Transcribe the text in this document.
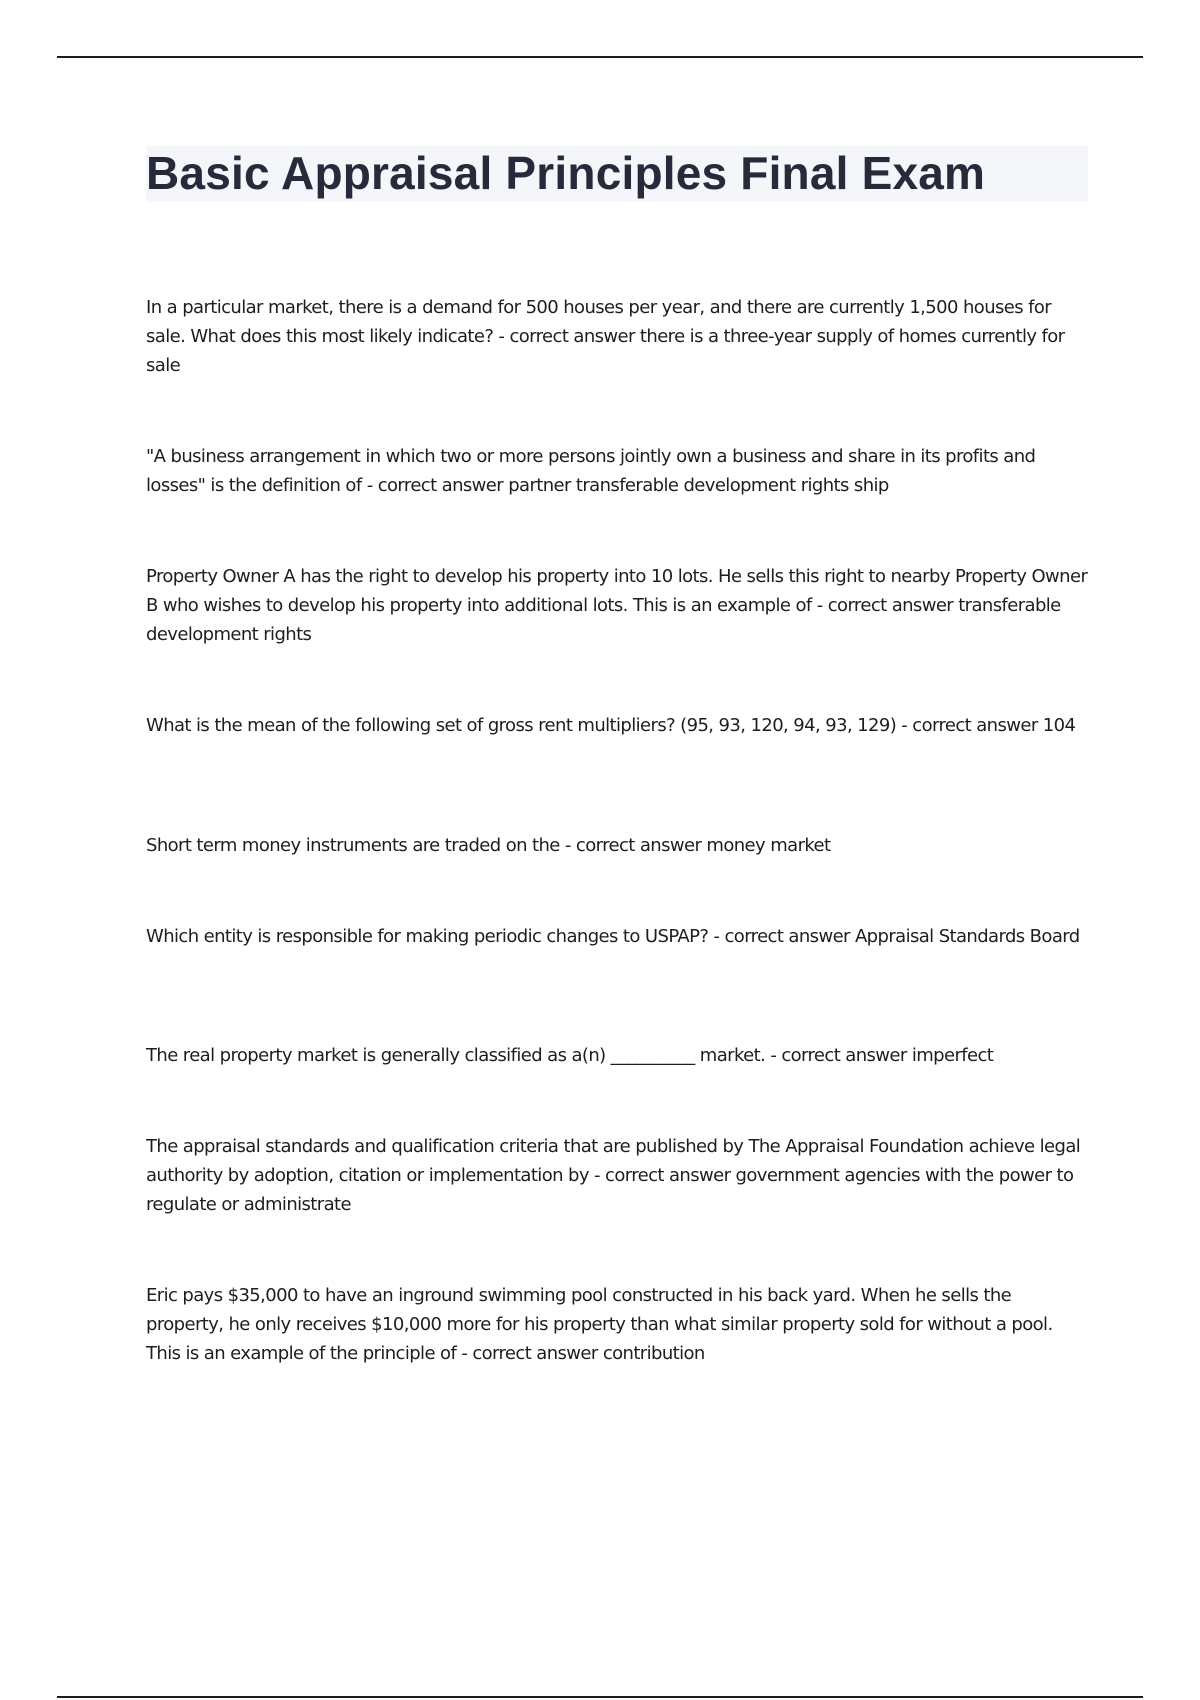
Basic Appraisal Principles Final Exam
In a particular market, there is a demand for 500 houses per year, and there are currently 1,500 houses for sale. What does this most likely indicate? - correct answer there is a three-year supply of homes currently for sale
"A business arrangement in which two or more persons jointly own a business and share in its profits and losses" is the definition of - correct answer partner transferable development rights ship
Property Owner A has the right to develop his property into 10 lots. He sells this right to nearby Property Owner B who wishes to develop his property into additional lots. This is an example of - correct answer transferable development rights
What is the mean of the following set of gross rent multipliers? (95, 93, 120, 94, 93, 129) - correct answer 104
Short term money instruments are traded on the - correct answer money market
Which entity is responsible for making periodic changes to USPAP? - correct answer Appraisal Standards Board
The real property market is generally classified as a(n) __________ market. - correct answer imperfect
The appraisal standards and qualification criteria that are published by The Appraisal Foundation achieve legal authority by adoption, citation or implementation by - correct answer government agencies with the power to regulate or administrate
Eric pays $35,000 to have an inground swimming pool constructed in his back yard. When he sells the property, he only receives $10,000 more for his property than what similar property sold for without a pool. This is an example of the principle of - correct answer contribution
